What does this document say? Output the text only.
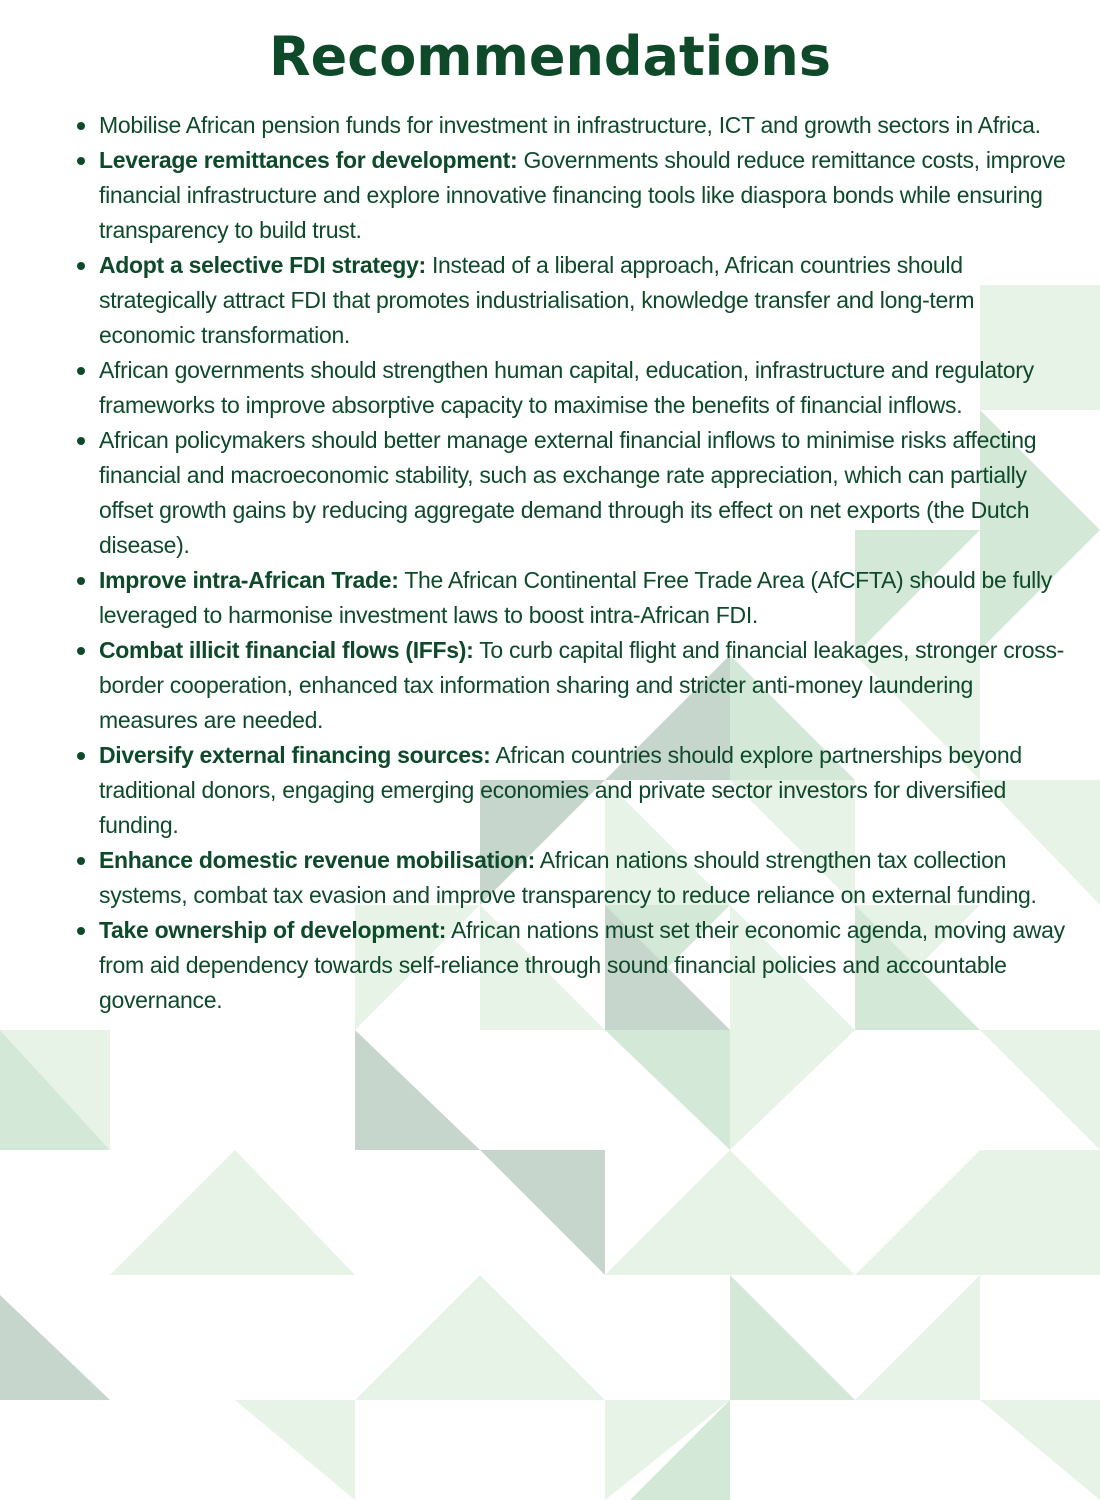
Recommendations
Mobilise African pension funds for investment in infrastructure, ICT and growth sectors in Africa.
Leverage remittances for development: Governments should reduce remittance costs, improve financial infrastructure and explore innovative financing tools like diaspora bonds while ensuring transparency to build trust.
Adopt a selective FDI strategy: Instead of a liberal approach, African countries should strategically attract FDI that promotes industrialisation, knowledge transfer and long-term economic transformation.
African governments should strengthen human capital, education, infrastructure and regulatory frameworks to improve absorptive capacity to maximise the benefits of financial inflows.
African policymakers should better manage external financial inflows to minimise risks affecting financial and macroeconomic stability, such as exchange rate appreciation, which can partially offset growth gains by reducing aggregate demand through its effect on net exports (the Dutch disease).
Improve intra-African Trade: The African Continental Free Trade Area (AfCFTA) should be fully leveraged to harmonise investment laws to boost intra-African FDI.
Combat illicit financial flows (IFFs): To curb capital flight and financial leakages, stronger cross-border cooperation, enhanced tax information sharing and stricter anti-money laundering measures are needed.
Diversify external financing sources: African countries should explore partnerships beyond traditional donors, engaging emerging economies and private sector investors for diversified funding.
Enhance domestic revenue mobilisation: African nations should strengthen tax collection systems, combat tax evasion and improve transparency to reduce reliance on external funding.
Take ownership of development: African nations must set their economic agenda, moving away from aid dependency towards self-reliance through sound financial policies and accountable governance.
